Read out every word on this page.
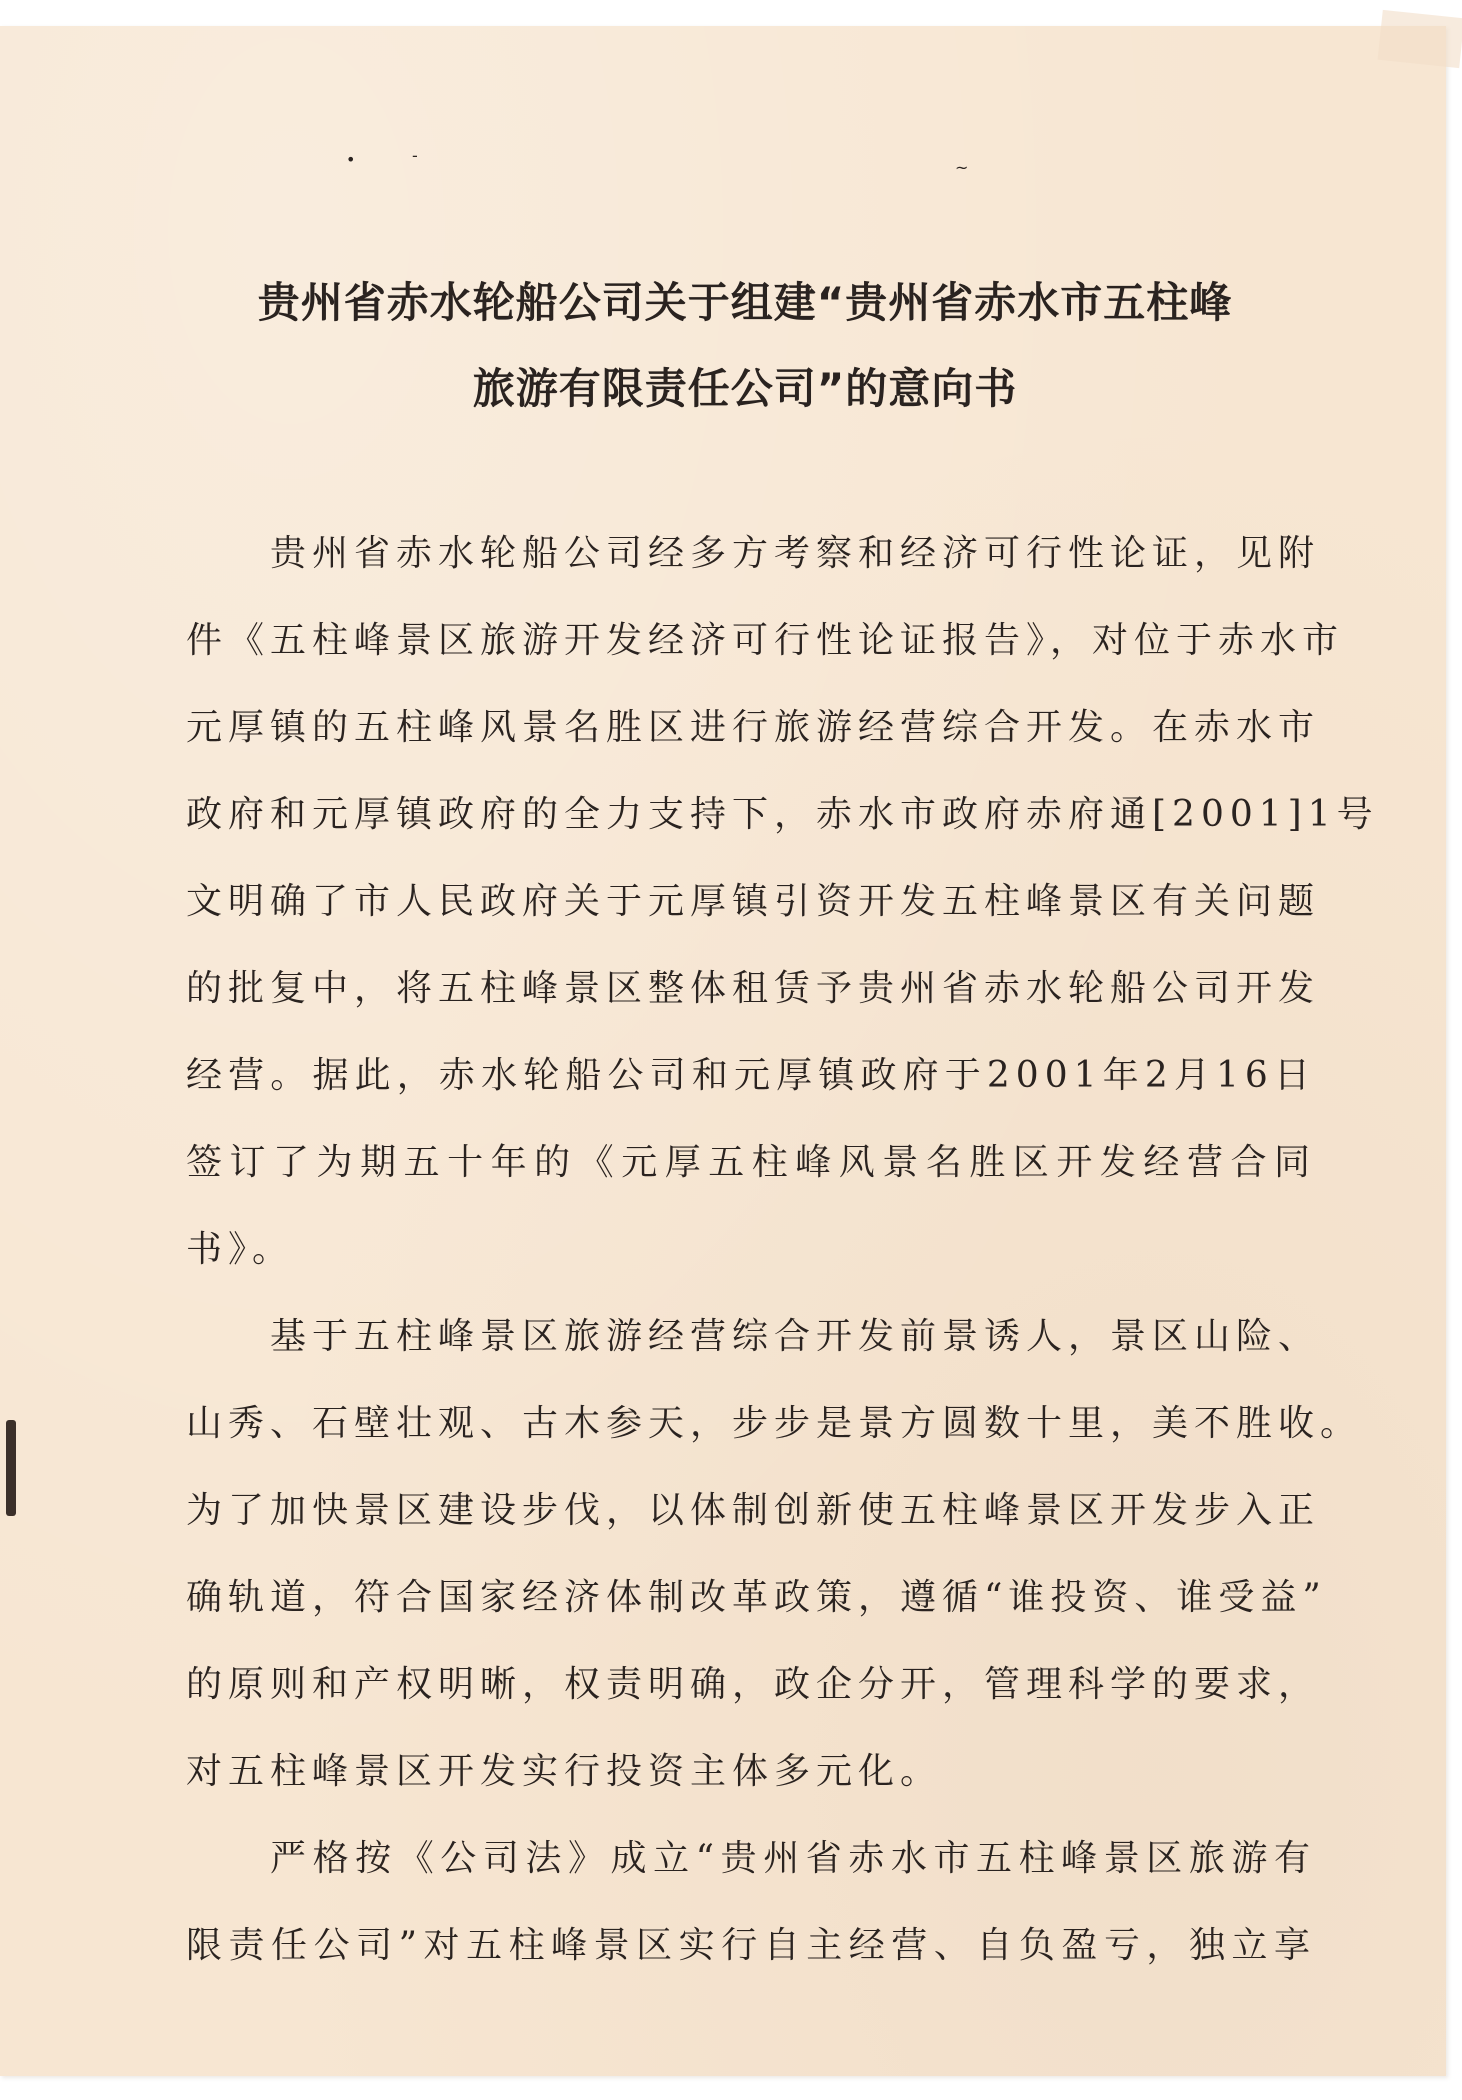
•	-
~
贵州省赤水轮船公司关于组建“贵州省赤水市五柱峰
旅游有限责任公司”的意向书
贵州省赤水轮船公司经多方考察和经济可行性论证，见附
件《五柱峰景区旅游开发经济可行性论证报告》，对位于赤水市
元厚镇的五柱峰风景名胜区进行旅游经营综合开发。在赤水市
政府和元厚镇政府的全力支持下，赤水市政府赤府通[2001]1号
文明确了市人民政府关于元厚镇引资开发五柱峰景区有关问题
的批复中，将五柱峰景区整体租赁予贵州省赤水轮船公司开发
经营。据此，赤水轮船公司和元厚镇政府于2001年2月16日
签订了为期五十年的《元厚五柱峰风景名胜区开发经营合同
书》。
基于五柱峰景区旅游经营综合开发前景诱人，景区山险、
山秀、石壁壮观、古木参天，步步是景方圆数十里，美不胜收。
为了加快景区建设步伐，以体制创新使五柱峰景区开发步入正
确轨道，符合国家经济体制改革政策，遵循“谁投资、谁受益”
的原则和产权明晰，权责明确，政企分开，管理科学的要求，
对五柱峰景区开发实行投资主体多元化。
严格按《公司法》成立“贵州省赤水市五柱峰景区旅游有
限责任公司”对五柱峰景区实行自主经营、自负盈亏，独立享
